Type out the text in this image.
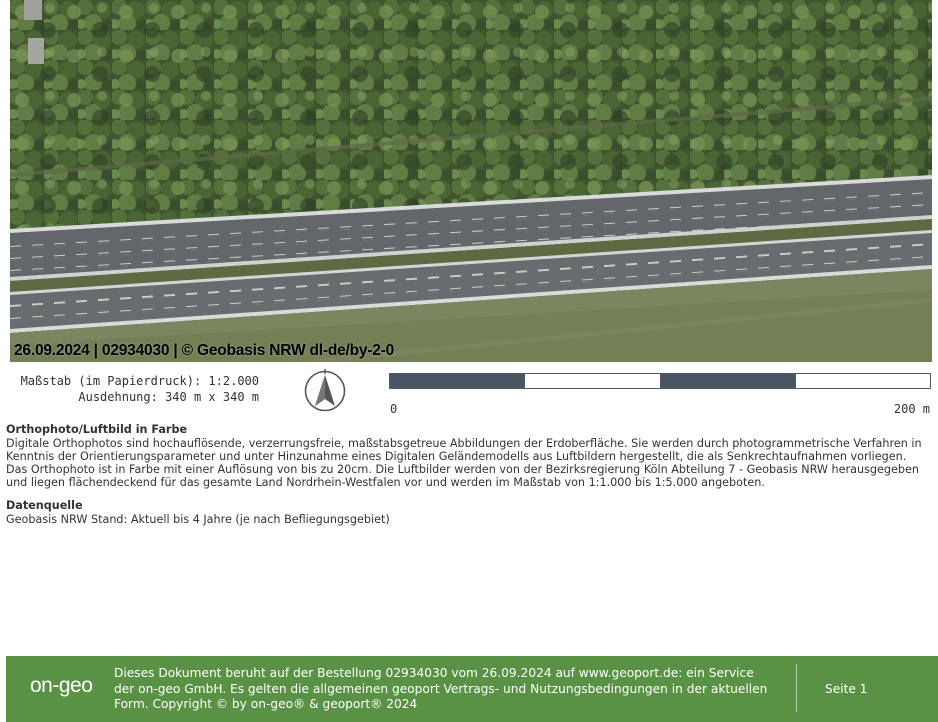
26.09.2024 | 02934030 | © Geobasis NRW dl-de/by-2-0
Maßstab (im Papierdruck): 1:2.000
Ausdehnung: 340 m x 340 m
0	200 m
Orthophoto/Luftbild in Farbe

Digitale Orthophotos sind hochauflösende, verzerrungsfreie, maßstabsgetreue Abbildungen der Erdoberfläche. Sie werden durch photogrammetrische Verfahren in Kenntnis der Orientierungsparameter und unter Hinzunahme eines Digitalen Geländemodells aus Luftbildern hergestellt, die als Senkrechtaufnahmen vorliegen. Das Orthophoto ist in Farbe mit einer Auflösung von bis zu 20cm. Die Luftbilder werden von der Bezirksregierung Köln Abteilung 7 - Geobasis NRW herausgegeben und liegen flächendeckend für das gesamte Land Nordrhein-Westfalen vor und werden im Maßstab von 1:1.000 bis 1:5.000 angeboten.

Datenquelle

Geobasis NRW Stand: Aktuell bis 4 Jahre (je nach Befliegungsgebiet)

on-geo
Dieses Dokument beruht auf der Bestellung 02934030 vom 26.09.2024 auf www.geoport.de: ein Service der on-geo GmbH. Es gelten die allgemeinen geoport Vertrags- und Nutzungsbedingungen in der aktuellen Form. Copyright © by on-geo® & geoport® 2024
Seite 1
